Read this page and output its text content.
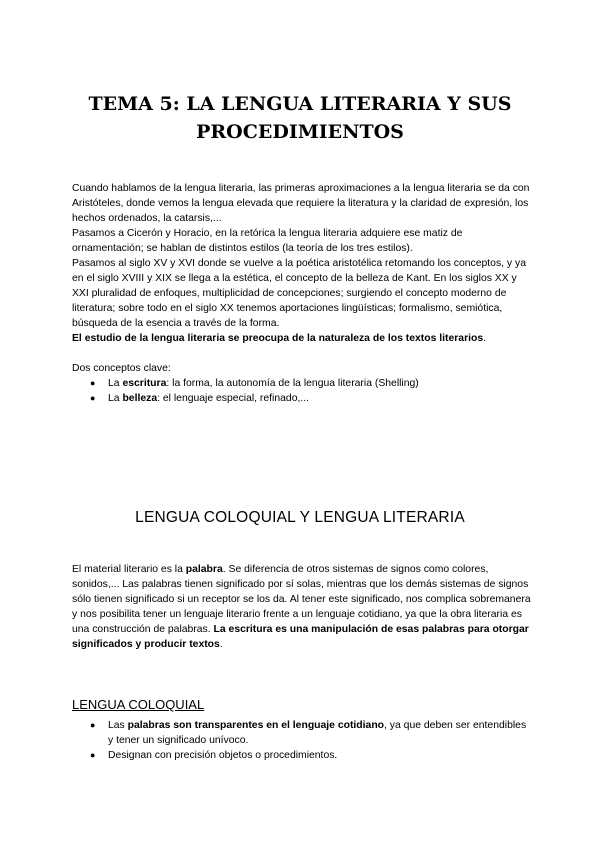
TEMA 5: LA LENGUA LITERARIA Y SUS
PROCEDIMIENTOS

Cuando hablamos de la lengua literaria, las primeras aproximaciones a la lengua literaria se da con Aristóteles, donde vemos la lengua elevada que requiere la literatura y la claridad de expresión, los hechos ordenados, la catarsis,...

Pasamos a Cicerón y Horacio, en la retórica la lengua literaria adquiere ese matiz de ornamentación; se hablan de distintos estilos (la teoría de los tres estilos).

Pasamos al siglo XV y XVI donde se vuelve a la poética aristotélica retomando los conceptos, y ya en el siglo XVIII y XIX se llega a la estética, el concepto de la belleza de Kant. En los siglos XX y XXI pluralidad de enfoques, multiplicidad de concepciones; surgiendo el concepto moderno de literatura; sobre todo en el siglo XX tenemos aportaciones lingüísticas; formalismo, semiótica, búsqueda de la esencia a través de la forma.

El estudio de la lengua literaria se preocupa de la naturaleza de los textos literarios.

Dos conceptos clave:

● La escritura: la forma, la autonomía de la lengua literaria (Shelling)
● La belleza: el lenguaje especial, refinado,...
LENGUA COLOQUIAL Y LENGUA LITERARIA

El material literario es la palabra. Se diferencia de otros sistemas de signos como colores, sonidos,... Las palabras tienen significado por sí solas, mientras que los demás sistemas de signos sólo tienen significado si un receptor se los da. Al tener este significado, nos complica sobremanera y nos posibilita tener un lenguaje literario frente a un lenguaje cotidiano, ya que la obra literaria es una construcción de palabras. La escritura es una manipulación de esas palabras para otorgar significados y producir textos.

LENGUA COLOQUIAL
● Las palabras son transparentes en el lenguaje cotidiano, ya que deben ser entendibles y tener un significado unívoco.
● Designan con precisión objetos o procedimientos.
